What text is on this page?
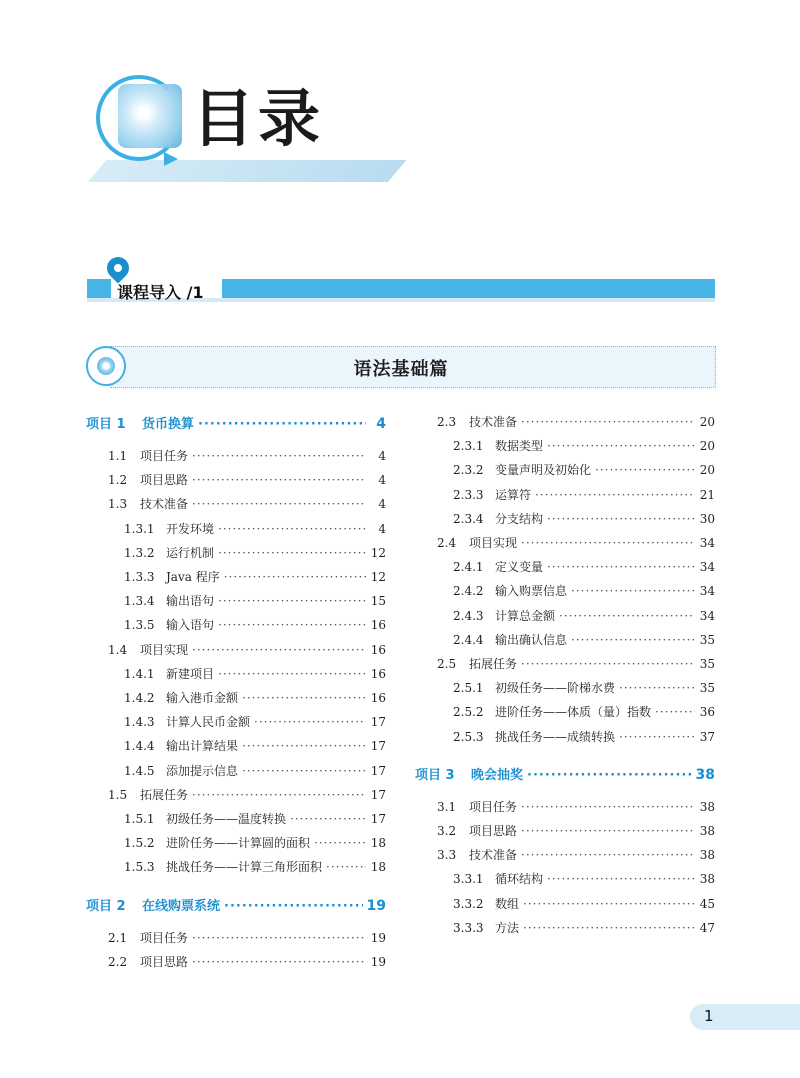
目录
课程导入 /1
语法基础篇
项目 1	货币换算 ·····	4
1.1	项目任务 ·····	4
1.2	项目思路 ·····	4
1.3	技术准备 ·····	4
1.3.1 开发环境 ·····	4
1.3.2 运行机制 ·····	12
1.3.3 Java 程序 ·····	12
1.3.4 输出语句 ·····	15
1.3.5 输入语句 ·····	16
1.4	项目实现 ·····	16
1.4.1 新建项目 ·····	16
1.4.2 输入港币金额 ·····	16
1.4.3 计算人民币金额 ·····	17
1.4.4 输出计算结果 ·····	17
1.4.5 添加提示信息 ·····	17
1.5	拓展任务 ·····	17
1.5.1 初级任务——温度转换 ·····	17
1.5.2 进阶任务——计算圆的面积 ·····	18
1.5.3 挑战任务——计算三角形面积 ·····	18
项目 2	在线购票系统 ·····	19
2.1	项目任务 ·····	19
2.2	项目思路 ·····	19
2.3	技术准备 ·····	20
2.3.1 数据类型 ·····	20
2.3.2 变量声明及初始化 ·····	20
2.3.3 运算符 ·····	21
2.3.4 分支结构 ·····	30
2.4	项目实现 ·····	34
2.4.1 定义变量 ·····	34
2.4.2 输入购票信息 ·····	34
2.4.3 计算总金额 ·····	34
2.4.4 输出确认信息 ·····	35
2.5	拓展任务 ·····	35
2.5.1 初级任务——阶梯水费 ·····	35
2.5.2 进阶任务——体质（量）指数 ·····	36
2.5.3 挑战任务——成绩转换 ·····	37
项目 3	晚会抽奖 ·····	38
3.1	项目任务 ·····	38
3.2	项目思路 ·····	38
3.3	技术准备 ·····	38
3.3.1 循环结构 ·····	38
3.3.2 数组 ·····	45
3.3.3 方法 ·····	47
1
